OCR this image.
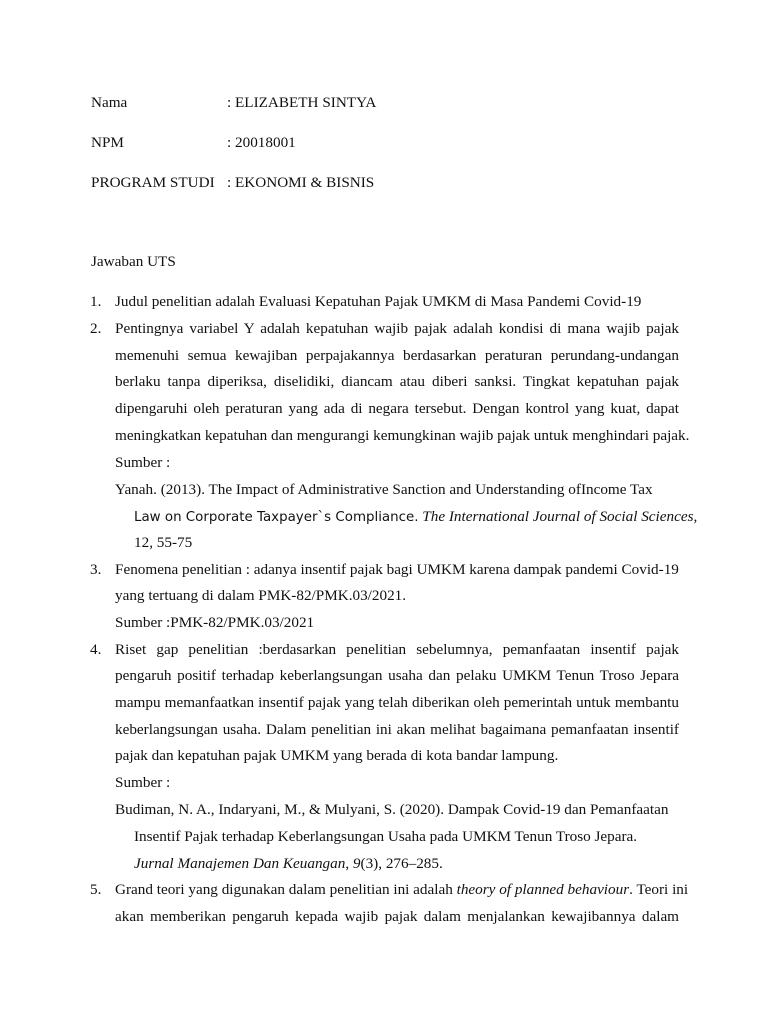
Nama	: ELIZABETH SINTYA
NPM	: 20018001
PROGRAM STUDI : EKONOMI & BISNIS
Jawaban UTS
1. Judul penelitian adalah Evaluasi Kepatuhan Pajak UMKM di Masa Pandemi Covid-19
2. Pentingnya variabel Y adalah kepatuhan wajib pajak adalah kondisi di mana wajib pajak
memenuhi semua kewajiban perpajakannya berdasarkan peraturan perundang-undangan
berlaku tanpa diperiksa, diselidiki, diancam atau diberi sanksi. Tingkat kepatuhan pajak
dipengaruhi oleh peraturan yang ada di negara tersebut. Dengan kontrol yang kuat, dapat
meningkatkan kepatuhan dan mengurangi kemungkinan wajib pajak untuk menghindari pajak.
Sumber :
Yanah. (2013). The Impact of Administrative Sanction and Understanding ofIncome Tax
Law on Corporate Taxpayer`s Compliance. The International Journal of Social Sciences,
12, 55-75
3. Fenomena penelitian : adanya insentif pajak bagi UMKM karena dampak pandemi Covid-19
yang tertuang di dalam PMK-82/PMK.03/2021.
Sumber :PMK-82/PMK.03/2021
4. Riset gap penelitian :berdasarkan penelitian sebelumnya, pemanfaatan insentif pajak
pengaruh positif terhadap keberlangsungan usaha dan pelaku UMKM Tenun Troso Jepara
mampu memanfaatkan insentif pajak yang telah diberikan oleh pemerintah untuk membantu
keberlangsungan usaha. Dalam penelitian ini akan melihat bagaimana pemanfaatan insentif
pajak dan kepatuhan pajak UMKM yang berada di kota bandar lampung.
Sumber :
Budiman, N. A., Indaryani, M., & Mulyani, S. (2020). Dampak Covid-19 dan Pemanfaatan
Insentif Pajak terhadap Keberlangsungan Usaha pada UMKM Tenun Troso Jepara.
Jurnal Manajemen Dan Keuangan, 9(3), 276–285.
5. Grand teori yang digunakan dalam penelitian ini adalah theory of planned behaviour. Teori ini
akan memberikan pengaruh kepada wajib pajak dalam menjalankan kewajibannya dalam
